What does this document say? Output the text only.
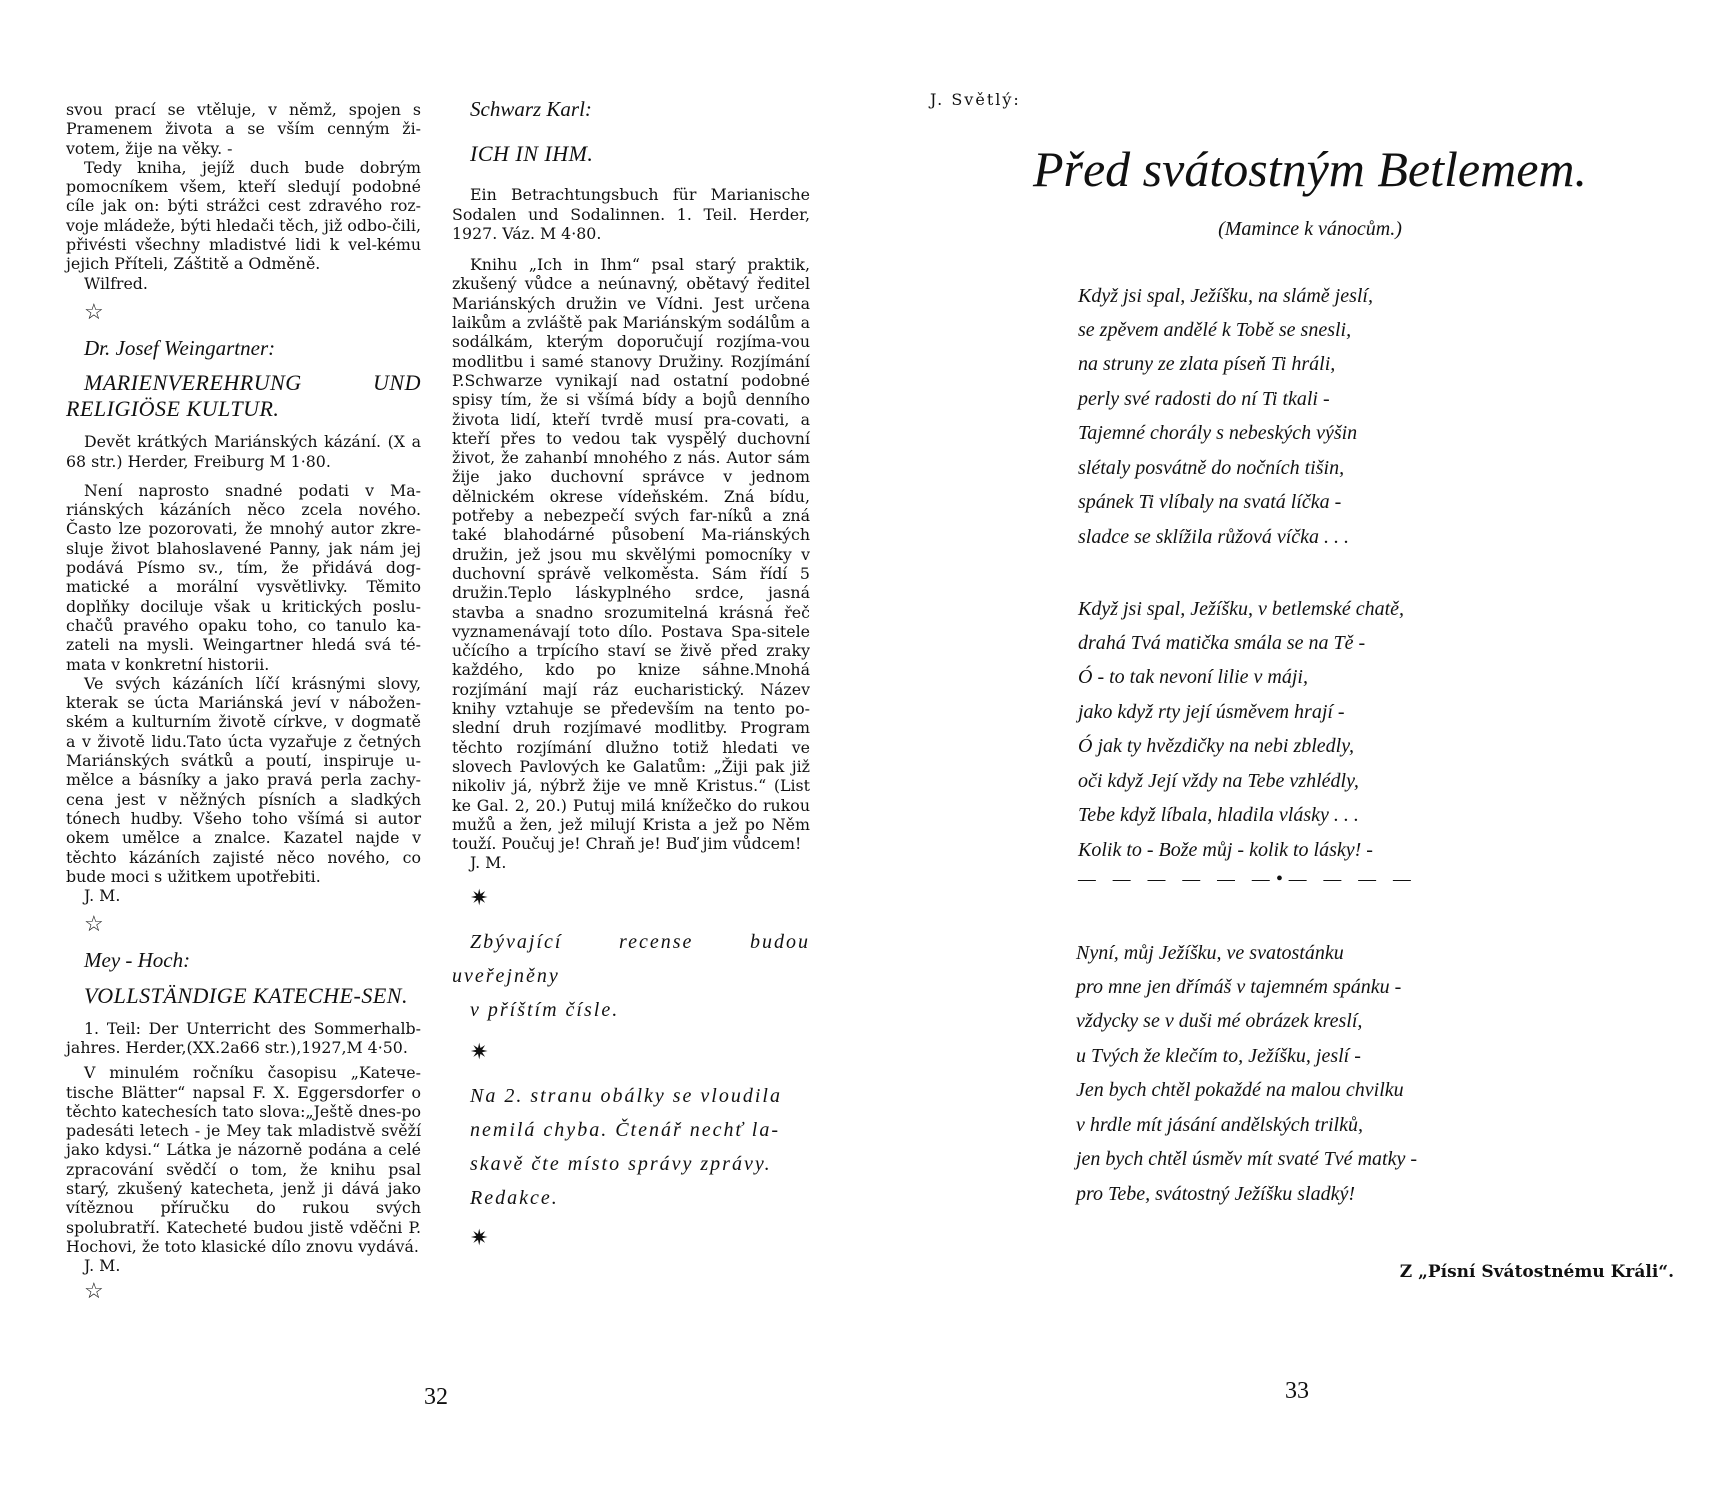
svou prací se vtěluje, v němž, spojen s Pramenem života a se vším cenným ži-votem, žije na věky. -

Tedy kniha, jejíž duch bude dobrým pomocníkem všem, kteří sledují podobné cíle jak on: býti strážci cest zdravého roz-voje mládeže, býti hledači těch, již odbo-čili, přivésti všechny mladistvé lidi k vel-kému jejich Příteli, Záštitě a Odměně.

Wilfred.

☆

Dr. Josef Weingartner:

MARIENVEREHRUNG UND RELIGIÖSE KULTUR.

Devět krátkých Mariánských kázání. (X a 68 str.) Herder, Freiburg M 1·80.

Není naprosto snadné podati v Ma-riánských kázáních něco zcela nového. Často lze pozorovati, že mnohý autor zkre-sluje život blahoslavené Panny, jak nám jej podává Písmo sv., tím, že přidává dog-matické a morální vysvětlivky. Těmito doplňky dociluje však u kritických poslu-chačů pravého opaku toho, co tanulo ka-zateli na mysli. Weingartner hledá svá té-mata v konkretní historii.

Ve svých kázáních líčí krásnými slovy, kterak se úcta Mariánská jeví v nábožen-ském a kulturním životě církve, v dogmatě a v životě lidu.Tato úcta vyzařuje z četných Mariánských svátků a poutí, inspiruje u-mělce a básníky a jako pravá perla zachy-cena jest v něžných písních a sladkých tónech hudby. Všeho toho všímá si autor okem umělce a znalce. Kazatel najde v těchto kázáních zajisté něco nového, co bude moci s užitkem upotřebiti.

J. M.

☆

Mey - Hoch:

VOLLSTÄNDIGE KATECHE-SEN.

1. Teil: Der Unterricht des Sommerhalb-jahres. Herder,(XX.2a66 str.),1927,M 4·50.

V minulém ročníku časopisu „Katече-tische Blätter“ napsal F. X. Eggersdorfer o těchto katechesích tato slova:„Ještě dnes-po padesáti letech - je Mey tak mladistvě svěží jako kdysi.“ Látka je názorně podána a celé zpracování svědčí o tom, že knihu psal starý, zkušený katecheta, jenž ji dává jako vítěznou příručku do rukou svých spolubratří. Katecheté budou jistě vděčni P. Hochovi, že toto klasické dílo znovu vydává.

J. M.

☆

Schwarz Karl:

ICH IN IHM.

Ein Betrachtungsbuch für Marianische Sodalen und Sodalinnen. 1. Teil. Herder, 1927. Váz. M 4·80.

Knihu „Ich in Ihm“ psal starý praktik, zkušený vůdce a neúnavný, obětavý ředitel Mariánských družin ve Vídni. Jest určena laikům a zvláště pak Mariánským sodálům a sodálkám, kterým doporučují rozjíma-vou modlitbu i samé stanovy Družiny. Rozjímání P.Schwarze vynikají nad ostatní podobné spisy tím, že si všímá bídy a bojů denního života lidí, kteří tvrdě musí pra-covati, a kteří přes to vedou tak vyspělý duchovní život, že zahanbí mnohého z nás. Autor sám žije jako duchovní správce v jednom dělnickém okrese vídeňském. Zná bídu, potřeby a nebezpečí svých far-níků a zná také blahodárné působení Ma-riánských družin, jež jsou mu skvělými pomocníky v duchovní správě velkoměsta. Sám řídí 5 družin.Teplo láskyplného srdce, jasná stavba a snadno srozumitelná krásná řeč vyznamenávají toto dílo. Postava Spa-sitele učícího a trpícího staví se živě před zraky každého, kdo po knize sáhne.Mnohá rozjímání mají ráz eucharistický. Název knihy vztahuje se především na tento po-slední druh rozjímavé modlitby. Program těchto rozjímání dlužno totiž hledati ve slovech Pavlových ke Galatům: „Žiji pak již nikoliv já, nýbrž žije ve mně Kristus.“ (List ke Gal. 2, 20.) Putuj milá knížečko do rukou mužů a žen, jež milují Krista a jež po Něm touží. Poučuj je! Chraň je! Buď jim vůdcem!

J. M.

✷

Zbývající recense budou uveřejněny

v příštím čísle.

✷

Na 2. stranu obálky se vloudila

nemilá chyba. Čtenář nechť la-

skavě čte místo správy zprávy.

Redakce.

✷

32
J. Světlý:
Před svátostným Betlemem.
(Mamince k vánocům.)
Když jsi spal, Ježíšku, na slámě jeslí,
se zpěvem andělé k Tobě se snesli,
na struny ze zlata píseň Ti hráli,
perly své radosti do ní Ti tkali -
Tajemné chorály s nebeských výšin
slétaly posvátně do nočních tišin,
spánek Ti vlíbaly na svatá líčka -
sladce se sklížila růžová víčka . . .
Když jsi spal, Ježíšku, v betlemské chatě,
drahá Tvá matička smála se na Tě -
Ó - to tak nevoní lilie v máji,
jako když rty její úsměvem hrají -
Ó jak ty hvězdičky na nebi zbledly,
oči když Její vždy na Tebe vzhlédly,
Tebe když líbala, hladila vlásky . . .
Kolik to - Bože můj - kolik to lásky! -
— — — — — —•— — — —
Nyní, můj Ježíšku, ve svatostánku
pro mne jen dřímáš v tajemném spánku -
vždycky se v duši mé obrázek kreslí,
u Tvých že klečím to, Ježíšku, jeslí -
Jen bych chtěl pokaždé na malou chvilku
v hrdle mít jásání andělských trilků,
jen bych chtěl úsměv mít svaté Tvé matky -
pro Tebe, svátostný Ježíšku sladký!
Z „Písní Svátostnému Králi“.
33
